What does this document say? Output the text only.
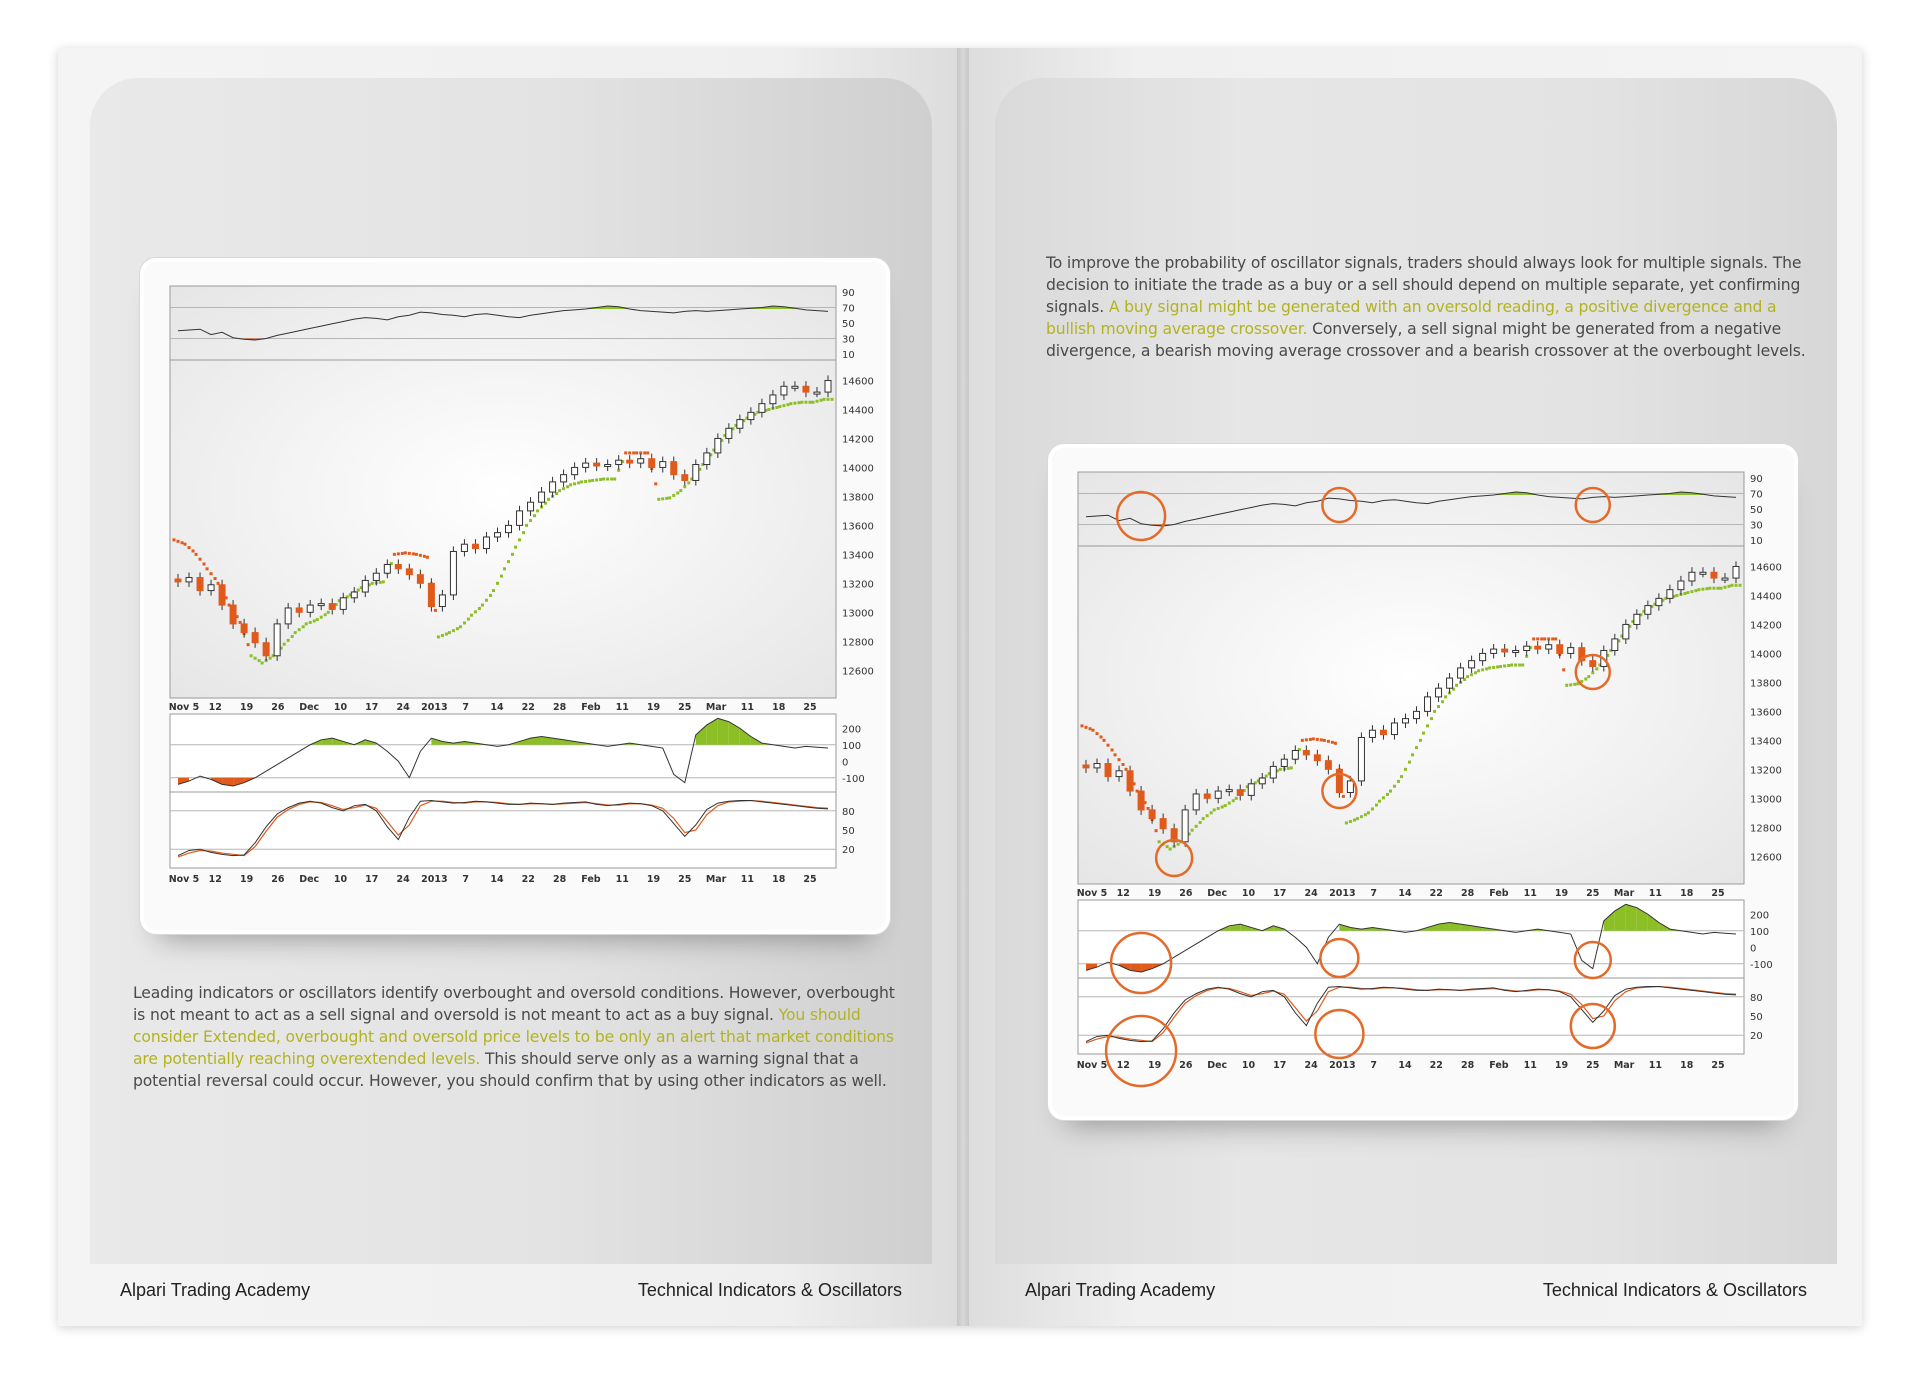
90
70
50
30
10
14600
14400
14200
14000
13800
13600
13400
13200
13000
12800
12600
200
100
0
-100
80
50
20
Nov 5 12 19 26 Dec 10 17 24 2013 7 14 22 28 Feb 11 19 25 Mar 11 18 25
Nov 5 12 19 26 Dec 10 17 24 2013 7 14 22 28 Feb 11 19 25 Mar 11 18 25
90
70
50
30
10
14600
14400
14200
14000
13800
13600
13400
13200
13000
12800
12600
200
100
0
-100
80
50
20
Nov 5 12 19 26 Dec 10 17 24 2013 7 14 22 28 Feb 11 19 25 Mar 11 18 25
Nov 5 12 19 26 Dec 10 17 24 2013 7 14 22 28 Feb 11 19 25 Mar 11 18 25
Leading indicators or oscillators identify overbought and oversold conditions. However, overbought is not meant to act as a sell signal and oversold is not meant to act as a buy signal. You should consider Extended, overbought and oversold price levels to be only an alert that market conditions are potentially reaching overextended levels. This should serve only as a warning signal that a potential reversal could occur. However, you should confirm that by using other indicators as well.
To improve the probability of oscillator signals, traders should always look for multiple signals. The decision to initiate the trade as a buy or a sell should depend on multiple separate, yet confirming signals. A buy signal might be generated with an oversold reading, a positive divergence and a bullish moving average crossover. Conversely, a sell signal might be generated from a negative divergence, a bearish moving average crossover and a bearish crossover at the overbought levels.
Alpari Trading Academy	Technical Indicators & Oscillators	Alpari Trading Academy	Technical Indicators & Oscillators
